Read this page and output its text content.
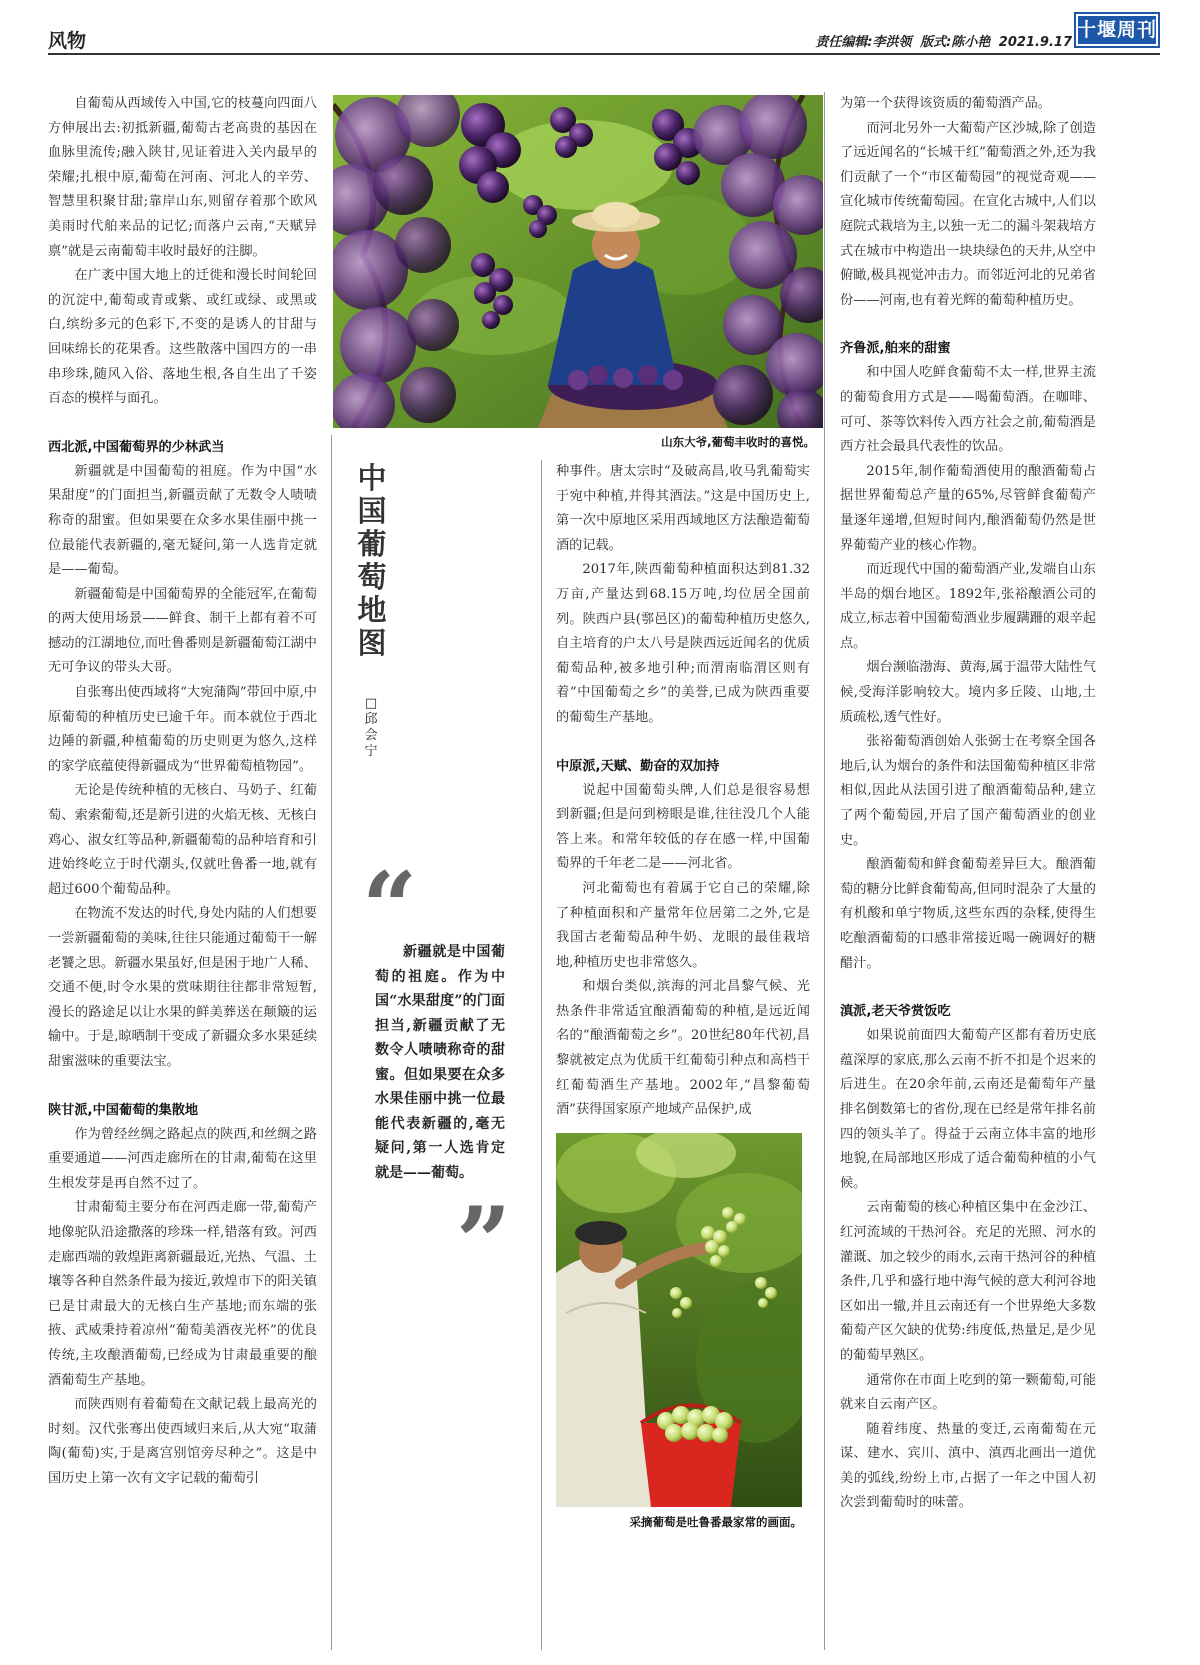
风物	责任编辑:李洪领 版式:陈小艳 2021.9.17
十堰周刊

自葡萄从西域传入中国,它的枝蔓向四面八方伸展出去:初抵新疆,葡萄古老高贵的基因在血脉里流传;融入陕甘,见证着进入关内最早的荣耀;扎根中原,葡萄在河南、河北人的辛劳、智慧里积聚甘甜;靠岸山东,则留存着那个欧风美雨时代舶来品的记忆;而落户云南,“天赋异禀”就是云南葡萄丰收时最好的注脚。

在广袤中国大地上的迁徙和漫长时间轮回的沉淀中,葡萄或青或紫、或红或绿、或黑或白,缤纷多元的色彩下,不变的是诱人的甘甜与回味绵长的花果香。这些散落中国四方的一串串珍珠,随风入俗、落地生根,各自生出了千姿百态的模样与面孔。

西北派,中国葡萄界的少林武当

新疆就是中国葡萄的祖庭。作为中国“水果甜度”的门面担当,新疆贡献了无数令人啧啧称奇的甜蜜。但如果要在众多水果佳丽中挑一位最能代表新疆的,毫无疑问,第一人选肯定就是——葡萄。

新疆葡萄是中国葡萄界的全能冠军,在葡萄的两大使用场景——鲜食、制干上都有着不可撼动的江湖地位,而吐鲁番则是新疆葡萄江湖中无可争议的带头大哥。

自张骞出使西域将“大宛蒲陶”带回中原,中原葡萄的种植历史已逾千年。而本就位于西北边陲的新疆,种植葡萄的历史则更为悠久,这样的家学底蕴使得新疆成为“世界葡萄植物园”。

无论是传统种植的无核白、马奶子、红葡萄、索索葡萄,还是新引进的火焰无核、无核白鸡心、淑女红等品种,新疆葡萄的品种培育和引进始终屹立于时代潮头,仅就吐鲁番一地,就有超过600个葡萄品种。

在物流不发达的时代,身处内陆的人们想要一尝新疆葡萄的美味,往往只能通过葡萄干一解老饕之思。新疆水果虽好,但是困于地广人稀、交通不便,时令水果的赏味期往往都非常短暂,漫长的路途足以让水果的鲜美葬送在颠簸的运输中。于是,晾晒制干变成了新疆众多水果延续甜蜜滋味的重要法宝。

陕甘派,中国葡萄的集散地

作为曾经丝绸之路起点的陕西,和丝绸之路重要通道——河西走廊所在的甘肃,葡萄在这里生根发芽是再自然不过了。

甘肃葡萄主要分布在河西走廊一带,葡萄产地像驼队沿途撒落的珍珠一样,错落有致。河西走廊西端的敦煌距离新疆最近,光热、气温、土壤等各种自然条件最为接近,敦煌市下的阳关镇已是甘肃最大的无核白生产基地;而东端的张掖、武威秉持着凉州“葡萄美酒夜光杯”的优良传统,主攻酿酒葡萄,已经成为甘肃最重要的酿酒葡萄生产基地。

而陕西则有着葡萄在文献记载上最高光的时刻。汉代张骞出使西域归来后,从大宛“取蒲陶(葡萄)实,于是离宫别馆旁尽种之”。这是中国历史上第一次有文字记载的葡萄引

山东大爷,葡萄丰收时的喜悦。
中国葡萄地图
□邱会宁
“
新疆就是中国葡萄的祖庭。作为中国“水果甜度”的门面担当,新疆贡献了无数令人啧啧称奇的甜蜜。但如果要在众多水果佳丽中挑一位最能代表新疆的,毫无疑问,第一人选肯定就是——葡萄。
”

种事件。唐太宗时“及破高昌,收马乳葡萄实于宛中种植,并得其酒法。”这是中国历史上,第一次中原地区采用西域地区方法酿造葡萄酒的记载。

2017年,陕西葡萄种植面积达到81.32万亩,产量达到68.15万吨,均位居全国前列。陕西户县(鄠邑区)的葡萄种植历史悠久,自主培育的户太八号是陕西远近闻名的优质葡萄品种,被多地引种;而渭南临渭区则有着“中国葡萄之乡”的美誉,已成为陕西重要的葡萄生产基地。

中原派,天赋、勤奋的双加持

说起中国葡萄头牌,人们总是很容易想到新疆;但是问到榜眼是谁,往往没几个人能答上来。和常年较低的存在感一样,中国葡萄界的千年老二是——河北省。

河北葡萄也有着属于它自己的荣耀,除了种植面积和产量常年位居第二之外,它是我国古老葡萄品种牛奶、龙眼的最佳栽培地,种植历史也非常悠久。

和烟台类似,滨海的河北昌黎气候、光热条件非常适宜酿酒葡萄的种植,是远近闻名的“酿酒葡萄之乡”。20世纪80年代初,昌黎就被定点为优质干红葡萄引种点和高档干红葡萄酒生产基地。2002年,“昌黎葡萄酒”获得国家原产地域产品保护,成

采摘葡萄是吐鲁番最家常的画面。

为第一个获得该资质的葡萄酒产品。

而河北另外一大葡萄产区沙城,除了创造了远近闻名的“长城干红”葡萄酒之外,还为我们贡献了一个“市区葡萄园”的视觉奇观——宣化城市传统葡萄园。在宣化古城中,人们以庭院式栽培为主,以独一无二的漏斗架栽培方式在城市中构造出一块块绿色的天井,从空中俯瞰,极具视觉冲击力。而邻近河北的兄弟省份——河南,也有着光辉的葡萄种植历史。

齐鲁派,舶来的甜蜜

和中国人吃鲜食葡萄不太一样,世界主流的葡萄食用方式是——喝葡萄酒。在咖啡、可可、茶等饮料传入西方社会之前,葡萄酒是西方社会最具代表性的饮品。

2015年,制作葡萄酒使用的酿酒葡萄占据世界葡萄总产量的65%,尽管鲜食葡萄产量逐年递增,但短时间内,酿酒葡萄仍然是世界葡萄产业的核心作物。

而近现代中国的葡萄酒产业,发端自山东半岛的烟台地区。1892年,张裕酿酒公司的成立,标志着中国葡萄酒业步履蹒跚的艰辛起点。

烟台濒临渤海、黄海,属于温带大陆性气候,受海洋影响较大。境内多丘陵、山地,土质疏松,透气性好。

张裕葡萄酒创始人张弼士在考察全国各地后,认为烟台的条件和法国葡萄种植区非常相似,因此从法国引进了酿酒葡萄品种,建立了两个葡萄园,开启了国产葡萄酒业的创业史。

酿酒葡萄和鲜食葡萄差异巨大。酿酒葡萄的糖分比鲜食葡萄高,但同时混杂了大量的有机酸和单宁物质,这些东西的杂糅,使得生吃酿酒葡萄的口感非常接近喝一碗调好的糖醋汁。

滇派,老天爷赏饭吃

如果说前面四大葡萄产区都有着历史底蕴深厚的家底,那么云南不折不扣是个迟来的后进生。在20余年前,云南还是葡萄年产量排名倒数第七的省份,现在已经是常年排名前四的领头羊了。得益于云南立体丰富的地形地貌,在局部地区形成了适合葡萄种植的小气候。

云南葡萄的核心种植区集中在金沙江、红河流域的干热河谷。充足的光照、河水的灌溉、加之较少的雨水,云南干热河谷的种植条件,几乎和盛行地中海气候的意大利河谷地区如出一辙,并且云南还有一个世界绝大多数葡萄产区欠缺的优势:纬度低,热量足,是少见的葡萄早熟区。

通常你在市面上吃到的第一颗葡萄,可能就来自云南产区。

随着纬度、热量的变迁,云南葡萄在元谋、建水、宾川、滇中、滇西北画出一道优美的弧线,纷纷上市,占据了一年之中国人初次尝到葡萄时的味蕾。
